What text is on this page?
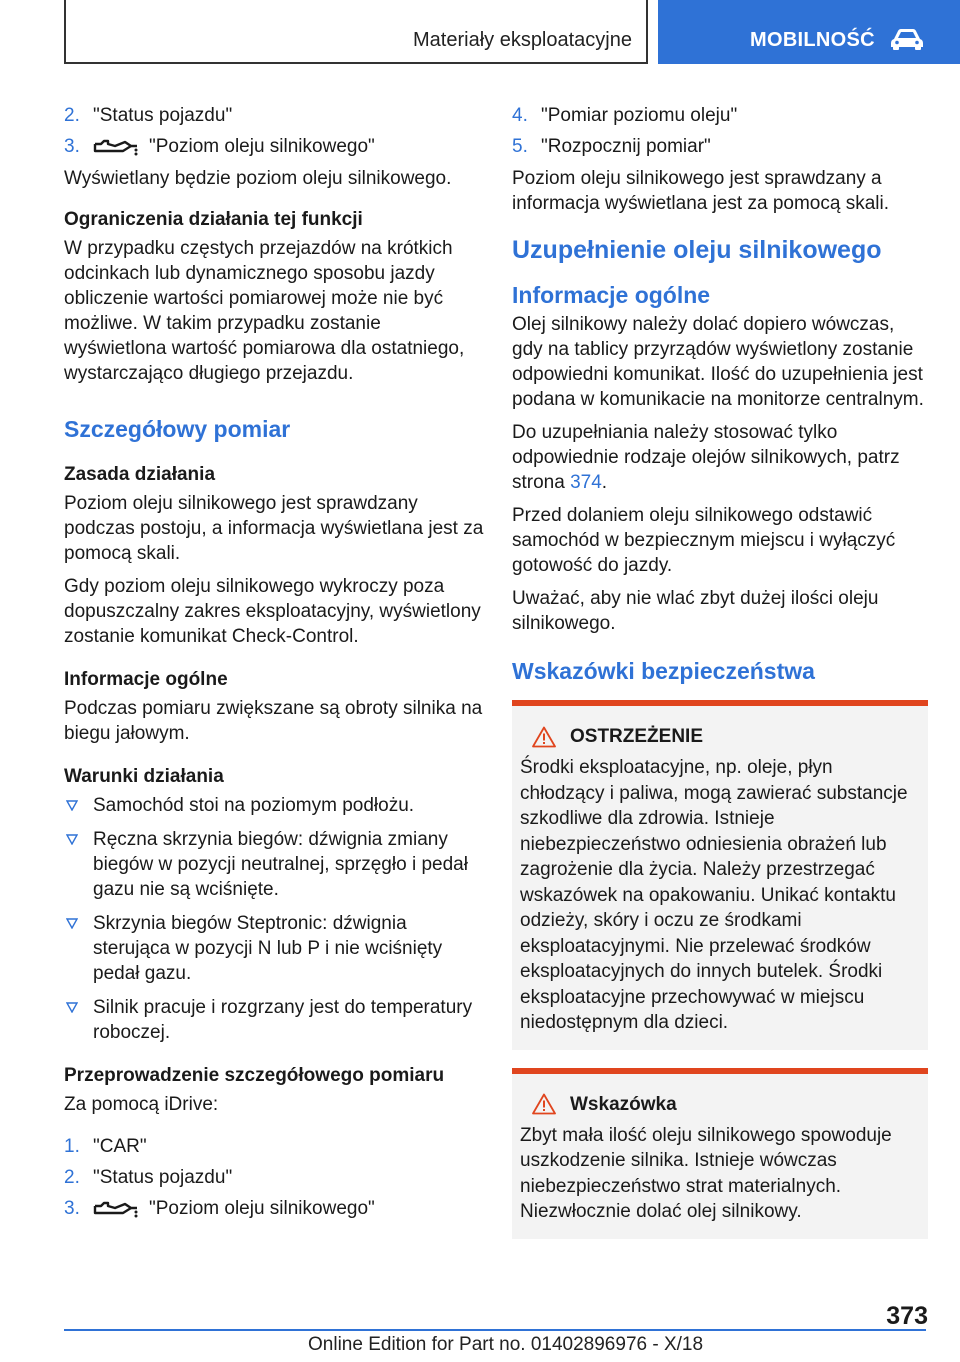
Materiały eksploatacyjne	MOBILNOŚĆ
2. "Status pojazdu"
3.	"Poziom oleju silnikowego"

Wyświetlany będzie poziom oleju silnikowego.

Ograniczenia działania tej funkcji

W przypadku częstych przejazdów na krótkich odcinkach lub dynamicznego sposobu jazdy obliczenie wartości pomiarowej może nie być możliwe. W takim przypadku zostanie wyświetlona wartość pomiarowa dla ostatniego, wystarczająco długiego przejazdu.

Szczegółowy pomiar
Zasada działania

Poziom oleju silnikowego jest sprawdzany podczas postoju, a informacja wyświetlana jest za pomocą skali.

Gdy poziom oleju silnikowego wykroczy poza dopuszczalny zakres eksploatacyjny, wyświetlony zostanie komunikat Check-Control.

Informacje ogólne

Podczas pomiaru zwiększane są obroty silnika na biegu jałowym.

Warunki działania
Samochód stoi na poziomym podłożu.
Ręczna skrzynia biegów: dźwignia zmiany biegów w pozycji neutralnej, sprzęgło i pedał gazu nie są wciśnięte.
Skrzynia biegów Steptronic: dźwignia sterująca w pozycji N lub P i nie wciśnięty pedał gazu.
Silnik pracuje i rozgrzany jest do temperatury roboczej.
Przeprowadzenie szczegółowego pomiaru

Za pomocą iDrive:

1. "CAR"
2. "Status pojazdu"
3.	"Poziom oleju silnikowego"
4. "Pomiar poziomu oleju"
5. "Rozpocznij pomiar"

Poziom oleju silnikowego jest sprawdzany a informacja wyświetlana jest za pomocą skali.

Uzupełnienie oleju silnikowego
Informacje ogólne

Olej silnikowy należy dolać dopiero wówczas, gdy na tablicy przyrządów wyświetlony zostanie odpowiedni komunikat. Ilość do uzupełnienia jest podana w komunikacie na monitorze centralnym.

Do uzupełniania należy stosować tylko odpowiednie rodzaje olejów silnikowych, patrz strona 374.

Przed dolaniem oleju silnikowego odstawić samochód w bezpiecznym miejscu i wyłączyć gotowość do jazdy.

Uważać, aby nie wlać zbyt dużej ilości oleju silnikowego.

Wskazówki bezpieczeństwa
OSTRZEŻENIE

Środki eksploatacyjne, np. oleje, płyn chłodzący i paliwa, mogą zawierać substancje szkodliwe dla zdrowia. Istnieje niebezpieczeństwo odniesienia obrażeń lub zagrożenie dla życia. Należy przestrzegać wskazówek na opakowaniu. Unikać kontaktu odzieży, skóry i oczu ze środkami eksploatacyjnymi. Nie przelewać środków eksploatacyjnych do innych butelek. Środki eksploatacyjne przechowywać w miejscu niedostępnym dla dzieci.

Wskazówka

Zbyt mała ilość oleju silnikowego spowoduje uszkodzenie silnika. Istnieje wówczas niebezpieczeństwo strat materialnych. Niezwłocznie dolać olej silnikowy.

373
Online Edition for Part no. 01402896976 - X/18
